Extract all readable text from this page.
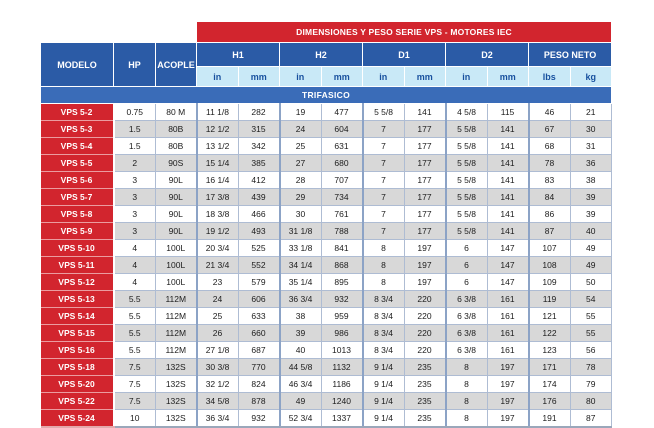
			DIMENSIONES Y PESO SERIE VPS - MOTORES IEC									
MODELO	HP	ACOPLE	H1		H2		D1		D2		PESO NETO	
			in	mm	in	mm	in	mm	in	mm	lbs	kg
TRIFASICO												
VPS 5-2	0.75	80 M	11 1/8	282	19	477	5 5/8	141	4 5/8	115	46	21
VPS 5-3	1.5	80B	12 1/2	315	24	604	7	177	5 5/8	141	67	30
VPS 5-4	1.5	80B	13 1/2	342	25	631	7	177	5 5/8	141	68	31
VPS 5-5	2	90S	15 1/4	385	27	680	7	177	5 5/8	141	78	36
VPS 5-6	3	90L	16 1/4	412	28	707	7	177	5 5/8	141	83	38
VPS 5-7	3	90L	17 3/8	439	29	734	7	177	5 5/8	141	84	39
VPS 5-8	3	90L	18 3/8	466	30	761	7	177	5 5/8	141	86	39
VPS 5-9	3	90L	19 1/2	493	31 1/8	788	7	177	5 5/8	141	87	40
VPS 5-10	4	100L	20 3/4	525	33 1/8	841	8	197	6	147	107	49
VPS 5-11	4	100L	21 3/4	552	34 1/4	868	8	197	6	147	108	49
VPS 5-12	4	100L	23	579	35 1/4	895	8	197	6	147	109	50
VPS 5-13	5.5	112M	24	606	36 3/4	932	8 3/4	220	6 3/8	161	119	54
VPS 5-14	5.5	112M	25	633	38	959	8 3/4	220	6 3/8	161	121	55
VPS 5-15	5.5	112M	26	660	39	986	8 3/4	220	6 3/8	161	122	55
VPS 5-16	5.5	112M	27 1/8	687	40	1013	8 3/4	220	6 3/8	161	123	56
VPS 5-18	7.5	132S	30 3/8	770	44 5/8	1132	9 1/4	235	8	197	171	78
VPS 5-20	7.5	132S	32 1/2	824	46 3/4	1186	9 1/4	235	8	197	174	79
VPS 5-22	7.5	132S	34 5/8	878	49	1240	9 1/4	235	8	197	176	80
VPS 5-24	10	132S	36 3/4	932	52 3/4	1337	9 1/4	235	8	197	191	87
